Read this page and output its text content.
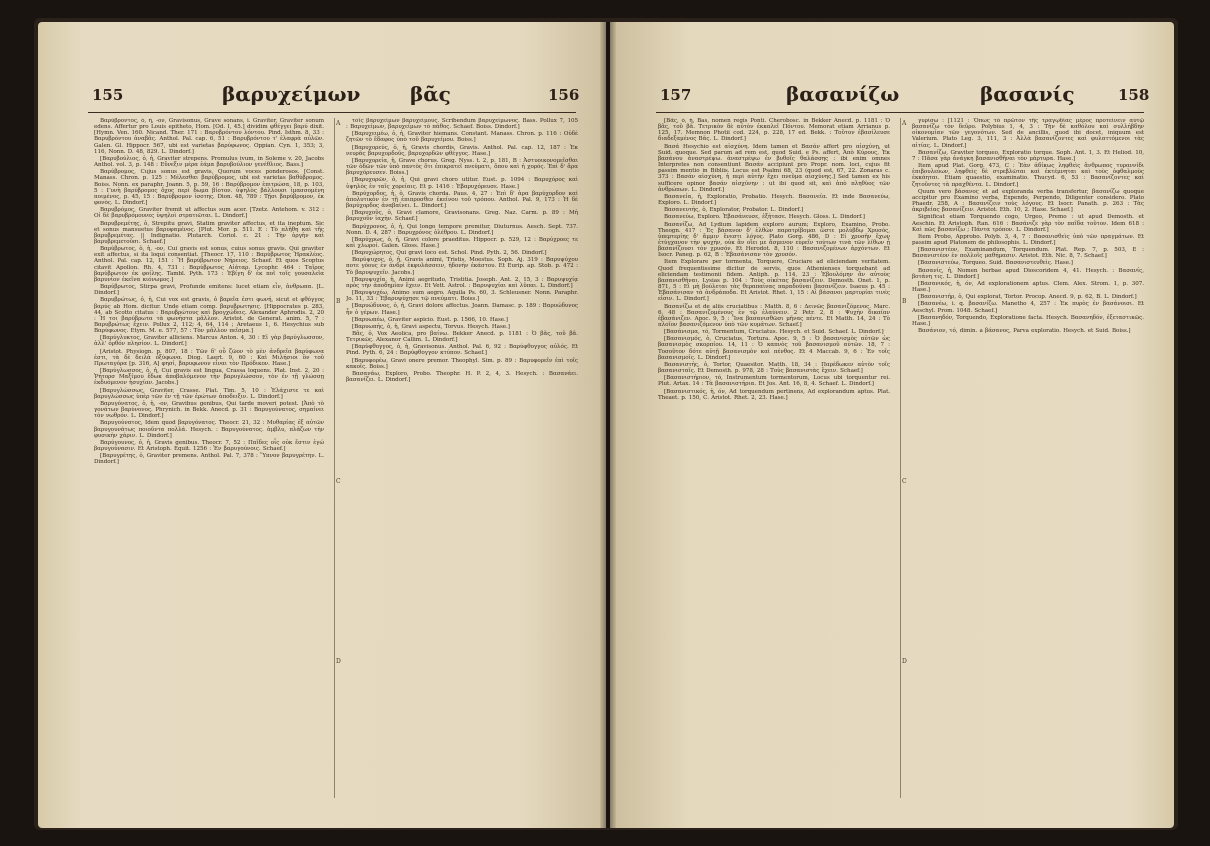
155	βαρυχείμων βᾶς	156

Βαρύβροντος, ὁ, ἡ, -ον, Gravisonus, Grave sonans, i. Graviter, Graviter sonum edens. Affertur pro Louis epitheto, Hom. [Od. I, 45.] dividim φθέγγει βαρύ dixit. [Hymn. Ven. 160. Nicand. Ther. 171 : Βαρυβρόντου λόντου. Pind. Isthm. 8, 33 : Βαρυβρόντου ἀναβᾶς. Anthol. Pal. cap. 6, 51 : Βαρυβρόντου τ' ἐλαφρὰ αὐλῶν. Galen. Gl. Hippocr. 567, ubi est varietas βαρύφωνος. Oppian. Cyn. 1, 353; 3, 116, Nonn. D. 48, 829. L. Dindorf.]

[Βαρυβούλιος, ὁ, ἡ, Graviter strepens. Promulus ivum, in Soleme v. 20, Jacobs Anthol. vol. 3, p. 148 : Εὔνεξιν μὲρα ἐάμα βαρυβούλιον γενέθλιος. Bass.]

Βαρύβρομος, Cujus sonus est gravis, Quorum voces ponderosos. [Const. Manass. Chron. p. 125 : Μέλεσθαι βαρύβρομος, ubi est varietas βαθύβρομος. Boiss. Nonn. ex paraphr. Joann. 5, p. 59, 16 : Βαρύβρομον ἐπιτρώσα, 18, p. 103, 5 : Γυνὴ βαρύβρομος ὄχος περὶ δωμα βίοτον. ὑψηλὸς βάλλουσι ἱμασσομένη ποιμένος, p. 45, 15 : Βαρύβρομον ἰσοτης. Dion. 48, 789 : Τῇσι βαρύβρομον, ἐκ φονὸς. L. Dindorf.]

Βαρυβρόμος, Graviter fremit ut affectus sum acer. [Tzetz. Antehom. v. 312 : Οἱ δὲ βαρυβρόμουνες ὑψηλοὶ στρατιῶται. L. Dindorf.]

Βαρυβρεμέτης, ὁ, Strepitu gravi, Statim graviter affectus, et ita ineptum. Sic et sonus mansuetus βαρυφαμένος. [Plut. Mor. p. 511. Ε : Τὸ πλῆθη καὶ τῆς βαρυβρεμέτας. || Indignatio. Plutarch. Coriol. c. 21 : Τὴν ὀργὴν καὶ βαρυβρεμετοῦσι. Schaef.]

Βαρύβρωτος, ὁ, ἡ, -ον, Cui gravis est sonus, cuius sonus gravis. Qui graviter exit affectus, si ita loqui consentiat. [Theocr. 17, 110 : Βαρύβρωτος Ἡρακλέος. Anthol. Pal. cap. 12, 151 : Ἢ βαρύβρωτον Νήρειος. Schaef. Et quos Scoptus citavit Apollon. Rh. 4, 731 : Βαρύβρωτος Αἰάταρ. Lycophr. 464 : Ταῖρος βαρύβρωτον ἐκ φοίλης. Tambl. Pyth. 173 : Ἐβίγη δ' ἐκ ποῖ τοῖς γουσαλεῖα βαρυνίον ἐκεῖνα κιόνωμος.]

Βαρύβρωτος, Stirpa gravi, Profunde emitens: lucet etiam εἶν, ἀνθρωπα. [L. Dindorf.]

Βαρυβρώτως, ὁ, ἡ, Cui vox est gravis, ὁ βαρεῖα ἐστι φωνή, sicut et φθόγγος βαρύς ab Hom. dicitur. Unde etiam comp. βαρυβρωτησις. [Hippocrates p. 283, 44, ab Scotto citatus : Βαρυβρώτους καὶ βρογχώδεις. Alexander Aphrodis. 2, 20 : Ἡ τοι βαρύβρωτα τὰ φωνήστα μᾶλλον. Aristot. de Generat. anim. 5, 7 : Βαρυβρώτως ἔχειν. Pollux 2, 112; 4, 64, 114 ; Aretaeus 1, 6. Hesychius sub Βαρύφωνος. Etym. M. e. 577, 57 : Τὸν μᾶλλον πεῖσμα.]

[Βαρύγλυκτος, Graviter alliciens. Marcus Anton. 4, 30 : Εἰ γὰρ βαρύγλωσσον, ἀλλ' ὀρθόν πλησίον. L. Dindorf.]

[Aristot. Physiogn. p. 807, 18 : Τῶν δ' οὖ ζῶον τὸ μὲν ἀνδρεῖα βαρύφωνα ἐστι, τὰ δὲ δειλὰ ὀξύφωνα. Diog. Laert. 9, 60 : Καὶ Μιλήσιοι ὃν τοῦ Πρωταγόρα [p. 316, A] φησί, βαρυφωνον εἶναι τὸν Πρόδικον. Hase.]

[Βαρύγλωσσος, ὁ, ἡ, Cui gravis est lingua, Crassa loquens. Plat. Inst. 2, 20 : Ῥήτορσ Μαξίμου ἔδωκ ἀποβαλόμενον τὴν βαρυγλώσσον, τὸν ἐν τῇ γλώσσῃ ἐκδυόμενον ἡσυχίαν. Jacobs.]

[Βαρυγλώσσως, Graviter, Crasse. Plat. Tim. 5, 10 : Ἐλάχιστε τε καὶ βαρυγλώσσως ὑπὲρ τῶν ἐν τῇ τῶν ἐρώτων ἀποδειξιν. L. Dindorf.]

Βαρυγόνατος, ὁ, ἡ, -ον, Gravibus genibus, Qui tarde moveri potest. [Ἀπὸ τὸ γονάτων βαρύνονος. Phrynich. in Bekk. Anecd. p. 31 : Βαρυγούνατος, σημαίνει τὸν νωθρόν. L. Dindorf.]

Βαρυγούνατος, Idem quod βαρυγόνατος. Theocr. 21, 32 : Μυθαρίας ἐξ αὐτῶν βαρυγουνάτως ποιοῦντα πολλά. Hesych. : Βαρυγούνατος. ἀμβλυ, πλάζων τὴν φυσικὴν χάριν. L. Dindorf.]

Βαρύγουνος, ὁ, ἡ, Gravis genibus. Theocr. 7, 52 : Παῖδες οἷς οὐκ ἔστιν ἐγώ βαρυγούνασιν. Et Aristoph. Equit. 1256 : Ἐν βαρυγούνοις. Schaef.]

[Βαρυγρέτης, ὁ, Graviter premens. Anthol. Pal. 7, 378 : Ὕπνον βαρυγρέτην. L. Dindorf.]

τοῖς βαρυχείμων βαρυχείμους. Scribendum βαρυχείμωνος. Bass. Pollux 7, 105 : Βαρυχείμων, βαρυχείμων τὸ πάθος. Schaef. Boiss. Dindorf.]

[Βαρυχειμέω, ὁ, ἡ, Graviter hiemans. Constant. Manass. Chron. p. 116 : Οὐδὲ ζητῶν τὸ ἔδαφος ὑπὸ τοῦ βαρυχείμου. Boiss.]

[Βαρυχορεύς, ὁ, ἡ, Gravis chordis, Gravis. Anthol. Pal. cap. 12, 187 : Ἐκ νευρᾶς βαρυχορδοῦς, βαρυχορδῶν φθέγγος. Hase.]

[Βαρυχορεία, ἡ, Grave chorus. Greg. Nyss. t. 2, p. 181, B : Ἀστυοικονομεῖσθαι τῶν ὁδῶν τῶν ὑπὸ παντὸς ὅτι ἐπικρατεῖ πνεύματι, ὅπου καὶ ἡ χορός. Ἐπὶ δ' ἄρα βαρυχόρευσεν. Boiss.]

[Βαρυχορῶν, ὁ, ἡ, Qui gravi choro utitur. Eust. p. 1094 : Βαρυχόρος καὶ ὑψηλὸς ἐν ταῖς χορείαις. Et p. 1416 : Ἐβαρυχόρευσε. Hase.]

Βαρύχορδος, ἡ, ὁ, Gravis chorda. Paus. 4, 27 : Ἐπὶ δ' ἀρα βαρύχορδον καὶ ἀπολυτικὸν ἐν τῇ ἐπιπροσθεν ἐκείνου τοῦ τρόπου. Anthol. Pal. 9, 173 : Ἡ δὲ βαρύχορδος ἀναβαίνει. L. Dindorf.]

[Βαρυχοῦς, ὁ, Gravi clamore, Gravisonans. Greg. Naz. Carm. p. 89 : Μὴ βαρυχοῦν ἰαχὴν. Schaef.]

Βαρύχρονος, ὁ, ἡ, Qui longo tempore premitur, Diuturnus. Aesch. Sept. 737. Nonn. D. 4, 287 : Βαρυχρόνος ὀλέθρου. L. Dindorf.]

[Βαρύχρως, ὁ, ἡ, Gravi colore praeditus. Hippocr. p. 529, 12 : Βαρύχροες τε καὶ χλωροί. Galen. Gloss. Hase.]

[Βαρυχώρητος, Qui gravi loco est. Schol. Pind. Pyth. 2, 56. Dindorf.]

Βαρύψυχος, ὁ, ἡ, Gravis animi, Tristis, Moestus. Soph. Aj. 319 : Βαρυψύχου ποτε γόους ἐν ἀνδρὶ ἐκφυλάσσειν, ἡδονὴν ἑκάστου. Et Eurip. ap. Stob. p. 472 : Τὸ βαρυψυχεῖν. Jacobs.]

[Βαρυψυχία, ἡ, Animi aegritudo, Tristitia. Joseph. Ant. 2, 15, 3 : Βαρυψυχίᾳ πρὸς τὴν ἀποδημίαν ἔχειν. Et Vett. Astrol. : Βαρυψυχίαι καὶ λῦπαι. L. Dindorf.]

[Βαρυψυχέω, Animo sum aegro. Aquila Ps. 60, 3. Schleusner. Nonn. Paraphr. Jo. 11, 33 : Ἐβαρυψύχησε τῷ πνεύματι. Boiss.]

[Βαρυώδυνος, ὁ, ἡ, Gravi dolore affectus. Joann. Damasc. p. 189 : Βαρυώδυνος ἦν ὁ γέρων. Hase.]

[Βαρυωπέω, Graviter aspicio. Eust. p. 1566, 10. Hase.]

[Βαρυωπής, ὁ, ἡ, Gravi aspectu, Torvus. Hesych. Hase.]

Βᾶς, ὁ, Vox Aeolica, pro βαίνω. Bekker Anecd. p. 1181 : Ὁ βᾶς, τοῦ βᾶ. Τετρικῶς. Alexanor Callim. L. Dindorf.]

[Βαρύφθογγος, ὁ, ἡ, Gravisonus. Anthol. Pal. 6, 92 : Βαρύφθογγος αὐλός. Et Pind. Pyth. 6, 24 : Βαρύφθογγον κτύπον. Schaef.]

[Βαρυφορέω, Gravi onere premor. Theophyl. Sim. p. 89 : Βαρυφορεῖν ἐπὶ τοῖς κακοῖς. Boiss.]

Βασανάω, Exploro, Probo. Theophr. H. P. 2, 4, 3. Hesych. : Βασανάει. βασανίζει. L. Dindorf.]

A
B
C
D
157	βασανίζω	βασανίς	158

[Βᾶς, ὁ, ἡ, Bas, nomen regis Ponti. Cherobosc. in Bekker Anecd. p. 1181 : Ὁ βᾶς, τοῦ βᾶ. Τετρικὸν δὲ αὐτὸν ἐκκαλεῖ Πόντου. Memorat etiam Arrianus p. 125, 17. Memnon Photii cod. 224, p. 228, 17 ed. Bekk. : Τοῦτον ἐβασίλευσε διαδεξαμένος Βᾶς. L. Dindorf.]

Βασά Hesychio est αἰσχύνη. Idem tamen et Βασάν affert pro αἰσχύνῃ, ut Suid. quoque. Sed parum ad rem est, quod Suid. e Ps. affert, Ἀπὸ Κύρους, Ἐκ βασάνου ἀναστρέψω. ἀναστρέψω ἐν βυθοῖς θαλάσσης : ibi enim omnes Interpretes non consentiunt Βασάν accipiunt pro Propr. nom. loci, cujus fit passim mentio in Bibliis. Locus est Psalmi 68, 23 (quod est, 67, 22. Zonaras c. 373 : Βασάν αἰσχύνη, ἡ περὶ αὐτὴν ἔχει πνεῦμα αἰσχύνης.] Sed tamen ex his sufficere opinor βασάν αἰσχύνην : ut ibi quod sit, καὶ ἀπὸ πληθὺος τῶν ἀνθρώπων. L. Dindorf.]

Βασανεία, ἡ, Exploratio, Probatio. Hesych. Βασανεία. Et inde Βασανεύω, Exploro. L. Dindorf.]

Βασανευτής, ὁ, Explorator, Probator. L. Dindorf.]

Βασανεύω, Exploro. Ἐβασάνευσε, ἐξήτασε. Hesych. Gloss. L. Dindorf.]

Βασανίζω, Ad Lydium lapidem exploro aurum; Exploro, Examino, Probo. Theogn. 417 : Ἐς βάσανον δ' ἐλθὼν παρατρίβομαι ὥστε μολύβδῳ Χρυσός, ὑπερτερίης δ' ἄμμιν ἔνεστι λόγος. Plato Gorg. 486, D : Εἰ χρυσῆν ἔχων ἐτύγχανον τὴν ψυχήν, οὐκ ἂν οἴει με ἄσμενον εὑρεῖν τούτων τινὰ τῶν λίθων ᾗ βασανίζουσι τὸν χρυσόν. Et Herodot. 8, 110 : Βασανιζομένων ἀρχόντων. Et Isocr. Paneg. p. 62, B : Ἐβασάνισαν τὸν χρυσόν.

Item Explorare per tormenta, Torquere, Cruciare ad eliciendam veritatem. Quod frequentissime dicitur de servis, quos Athenienses torquebant ad eliciendam testimonii fidem. Antiph. p. 114, 23 : Ἐβουλόμην ἂν αὐτοὺς βασανισθῆναι. Lysias p. 104 : Τοὺς οἰκέτας βασανίζειν. Demosth. Onet. 1, p. 871, 5 : Εἰ μὴ βούλεται τὰς θεραπαίνας παραδοῦναι βασανίζειν. Isaeus p. 45 : Ἐβασάνισαν τὰ ἀνδράποδα. Et Aristot. Rhet. 1, 15 : Αἱ βάσανοι μαρτυρίαι τινές εἰσιν. L. Dindorf.]

Βασανίζω et de aliis cruciatibus : Matth. 8, 6 : Δεινῶς βασανιζόμενος. Marc. 6, 48 : Βασανιζομένους ἐν τῷ ἐλαύνειν. 2 Petr. 2, 8 : Ψυχὴν δικαίαν ἐβασάνιζεν. Apoc. 9, 5 : Ἵνα βασανισθῶσι μῆνας πέντε. Et Matth. 14, 24 : Τὸ πλοῖον βασανιζόμενον ὑπὸ τῶν κυμάτων. Schaef.]

[Βασάνισμα, τό, Tormentum, Cruciatus. Hesych. et Suid. Schaef. L. Dindorf.]

[Βασανισμός, ὁ, Cruciatus, Tortura. Apoc. 9, 5 : Ὁ βασανισμὸς αὐτῶν ὡς βασανισμὸς σκορπίου. 14, 11 : Ὁ καπνὸς τοῦ βασανισμοῦ αὐτῶν. 18, 7 : Τοσοῦτον δότε αὐτῇ βασανισμὸν καὶ πένθος. Et 4 Maccab. 9, 6 : Ἐν τοῖς βασανισμοῖς. L. Dindorf.]

Βασανιστής, ὁ, Tortor, Quaesitor. Matth. 18, 34 : Παρέδωκεν αὐτὸν τοῖς βασανισταῖς. Et Demosth. p. 978, 28 : Τοὺς βασανιστὰς ἔχειν. Schaef.]

[Βασανιστήριον, τό, Instrumentum tormentorum, Locus ubi torquentur rei. Plut. Artax. 14 : Τὰ βασανιστήρια. Et Jos. Ant. 16, 8, 4. Schaef. L. Dindorf.]

[Βασανιστικός, ἡ, όν, Ad torquendum pertinens, Ad explorandum aptus. Plat. Theaet. p. 150, C. Aristot. Rhet. 2, 23. Hase.]

γυρίσω : [1121 : Ὅπως τὸ πρῶτον τῆς τραγῳδίας μέρος προτείνειν αὐτῷ βασανίζω τὸν δεῦρο. Polybius 1, 4, 3 : Τὴν δὲ καθόλου καὶ συλλήβδην οἰκονομίαν τῶν γεγονότων. Sed de ancillis, quod ibi docet, iniquum est Valerium. Plato Leg. 3, 111, 3 : Ἀλλὰ βασανίζοντες καὶ φυλαττόμενοι τὰς αἰτίας. L. Dindorf.]

Βασανίζω, Graviter torqueo, Exploratio torque. Soph. Ant. 1, 3. Et Heliod. 10, 7 : Πᾶσα γὰρ ἀνάγκη βασανισθῆναι τὸν μάρτυρα. Hase.]

Item apud Plat. Gorg. 473, C : Ἐὰν ἀδίκως ληφθεὶς ἄνθρωπος τυραννίδι ἐπιβουλεύων, ληφθεὶς δὲ στρεβλῶται καὶ ἐκτέμνηται καὶ τοὺς ὀφθαλμοὺς ἐκκάηται. Etiam quaestio, examinatio. Thucyd. 6, 53 : Βασανίζοντες καὶ ζητοῦντες τὰ πραχθέντα. L. Dindorf.]

Quum vero βάσανος et ad exploranda verba transfertur, βασανίζω quoque accipitur pro Examino verba, Expendo, Perpendo, Diligenter considero. Plato Phaedr. 258, A : Βασανίζειν τοὺς λόγους. Et Isocr. Panath. p. 263 : Τὰς ἀκριβείας βασανίζειν. Aristot. Eth. 10, 2. Hase. Schaef.]

Significat etiam Torquendo cogo, Urgeo, Premo : ut apud Demosth. et Aeschin. Et Aristoph. Ran. 616 : Βασάνιζε γὰρ τὸν παῖδα τοῦτον. Idem 618 : Καὶ πῶς βασανίζω ; Πάντα τρόπον. L. Dindorf.]

Item Probo, Approbo. Polyb. 3, 4, 7 : Βασανισθεὶς ὑπὸ τῶν πραγμάτων. Et passim apud Platonem de philosophis. L. Dindorf.]

[Βασανιστέον, Examinandum, Torquendum. Plat. Rep. 7, p. 503, E : Βασανιστέον ἐν πολλοῖς μαθήμασιν. Aristot. Eth. Nic. 8, 7. Schaef.]

[Βασανιστεύω, Torqueo. Suid. Βασανιστευθεὶς. Hase.]

Βασανίς, ἡ, Nomen herbae apud Dioscoridem 4, 41. Hesych. : Βασανίς, βοτάνη τις. L. Dindorf.]

[Βασανικός, ἡ, όν, Ad explorationem aptus. Clem. Alex. Strom. 1, p. 307. Hase.]

[Βασανιστήρ, ὁ, Qui explorat, Tortor. Procop. Anecd. 9, p. 62, B. L. Dindorf.]

[Βασανέω, i. q. βασανίζω. Manetho 4, 257 : Ἐκ πυρὸς ἐν βασάνοισι. Et Aeschyl. Prom. 1048. Schaef.]

[Βασανηδόν, Torquendo, Exploratione facta. Hesych. Βασανηδόν, ἐξεταστικῶς. Hase.]

Βασάνιον, τό, dimin. a βάσανος, Parva exploratio. Hesych. et Suid. Boiss.]

A
B
C
D
